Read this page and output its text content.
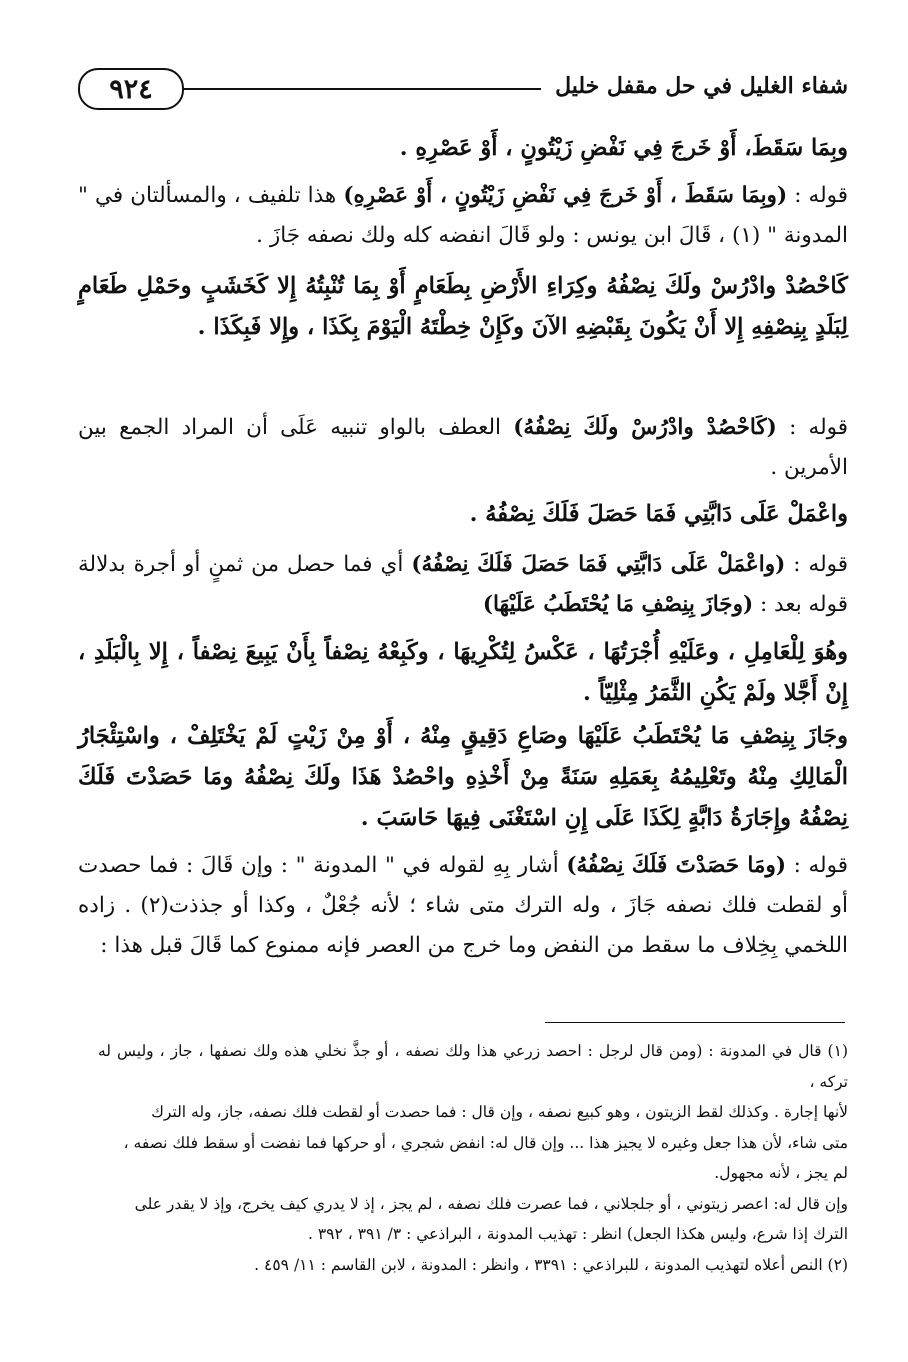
٩٢٤	شفاء الغليل في حل مقفل خليل
وبِمَا سَقَطَ، أَوْ خَرجَ فِي نَفْضِ زَيْتُونٍ ، أَوْ عَصْرِهِ .
قوله : (وبِمَا سَقَطَ ، أَوْ خَرجَ فِي نَفْضِ زَيْتُونٍ ، أَوْ عَصْرِهِ) هذا تلفيف ، والمسألتان في " المدونة " (١) ، قَالَ ابن يونس : ولو قَالَ انفضه كله ولك نصفه جَازَ .
كَاحْصُدْ وادْرُسْ ولَكَ نِصْفُهُ وكِرَاءِ الأَرْضِ بِطَعَامٍ أَوْ بِمَا تُنْبِتُهُ إِلا كَخَشَبٍ وحَمْلِ طَعَامٍ لِبَلَدٍ بِنِصْفِهِ إِلا أَنْ يَكُونَ بِقَبْضِهِ الآنَ وكَإِنْ خِطْتَهُ الْيَوْمَ بِكَذَا ، وإِلا فَبِكَذَا .
قوله : (كَاحْصُدْ وادْرُسْ ولَكَ نِصْفُهُ) العطف بالواو تنبيه عَلَى أن المراد الجمع بين الأمرين .
واعْمَلْ عَلَى دَابَّتِي فَمَا حَصَلَ فَلَكَ نِصْفُهُ .
قوله : (واعْمَلْ عَلَى دَابَّتِي فَمَا حَصَلَ فَلَكَ نِصْفُهُ) أي فما حصل من ثمنٍ أو أجرة بدلالة قوله بعد : (وجَازَ بِنِصْفِ مَا يُحْتَطَبُ عَلَيْهَا)
وهُوَ لِلْعَامِلِ ، وعَلَيْهِ أُجْرَتُهَا ، عَكْسُ لِتُكْرِيهَا ، وكَبِعْهُ نِصْفاً بِأَنْ يَبِيعَ نِصْفاً ، إِلا بِالْبَلَدِ ، إِنْ أَجَّلا ولَمْ يَكُنِ الثَّمَرُ مِثْلِيّاً .
وجَازَ بِنِصْفِ مَا يُحْتَطَبُ عَلَيْهَا وصَاعِ دَقِيقٍ مِنْهُ ، أَوْ مِنْ زَيْتٍ لَمْ يَخْتَلِفْ ، واسْتِئْجَارُ الْمَالِكِ مِنْهُ وتَعْلِيمُهُ بِعَمَلِهِ سَنَةً مِنْ أَخْذِهِ واحْصُدْ هَذَا ولَكَ نِصْفُهُ ومَا حَصَدْتَ فَلَكَ نِصْفُهُ وإِجَارَةُ دَابَّةٍ لِكَذَا عَلَى إِنِ اسْتَغْنَى فِيهَا حَاسَبَ .
قوله : (ومَا حَصَدْتَ فَلَكَ نِصْفُهُ) أشار بِهِ لقوله في " المدونة " : وإن قَالَ : فما حصدت أو لقطت فلك نصفه جَازَ ، وله الترك متى شاء ؛ لأنه جُعْلٌ ، وكذا أو جذذت(٢) . زاده اللخمي بِخِلاف ما سقط من النفض وما خرج من العصر فإنه ممنوع كما قَالَ قبل هذا :
(١) قال في المدونة : (ومن قال لرجل : احصد زرعي هذا ولك نصفه ، أو جذَّ نخلي هذه ولك نصفها ، جاز ، وليس له تركه ،
لأنها إجارة . وكذلك لقط الزيتون ، وهو كبيع نصفه ، وإن قال : فما حصدت أو لقطت فلك نصفه، جاز، وله الترك
متى شاء، لأن هذا جعل وغيره لا يجيز هذا ... وإن قال له: انفض شجري ، أو حركها فما نفضت أو سقط فلك نصفه ،
لم يجز ، لأنه مجهول.
وإن قال له: اعصر زيتوني ، أو جلجلاني ، فما عصرت فلك نصفه ، لم يجز ، إذ لا يدري كيف يخرج، وإذ لا يقدر على
الترك إذا شرع، وليس هكذا الجعل) انظر : تهذيب المدونة ، البراذعي : ٣/ ٣٩١ ، ٣٩٢ .
(٢) النص أعلاه لتهذيب المدونة ، للبراذعي : ٣٣٩١ ، وانظر : المدونة ، لابن القاسم : ١١/ ٤٥٩ .
